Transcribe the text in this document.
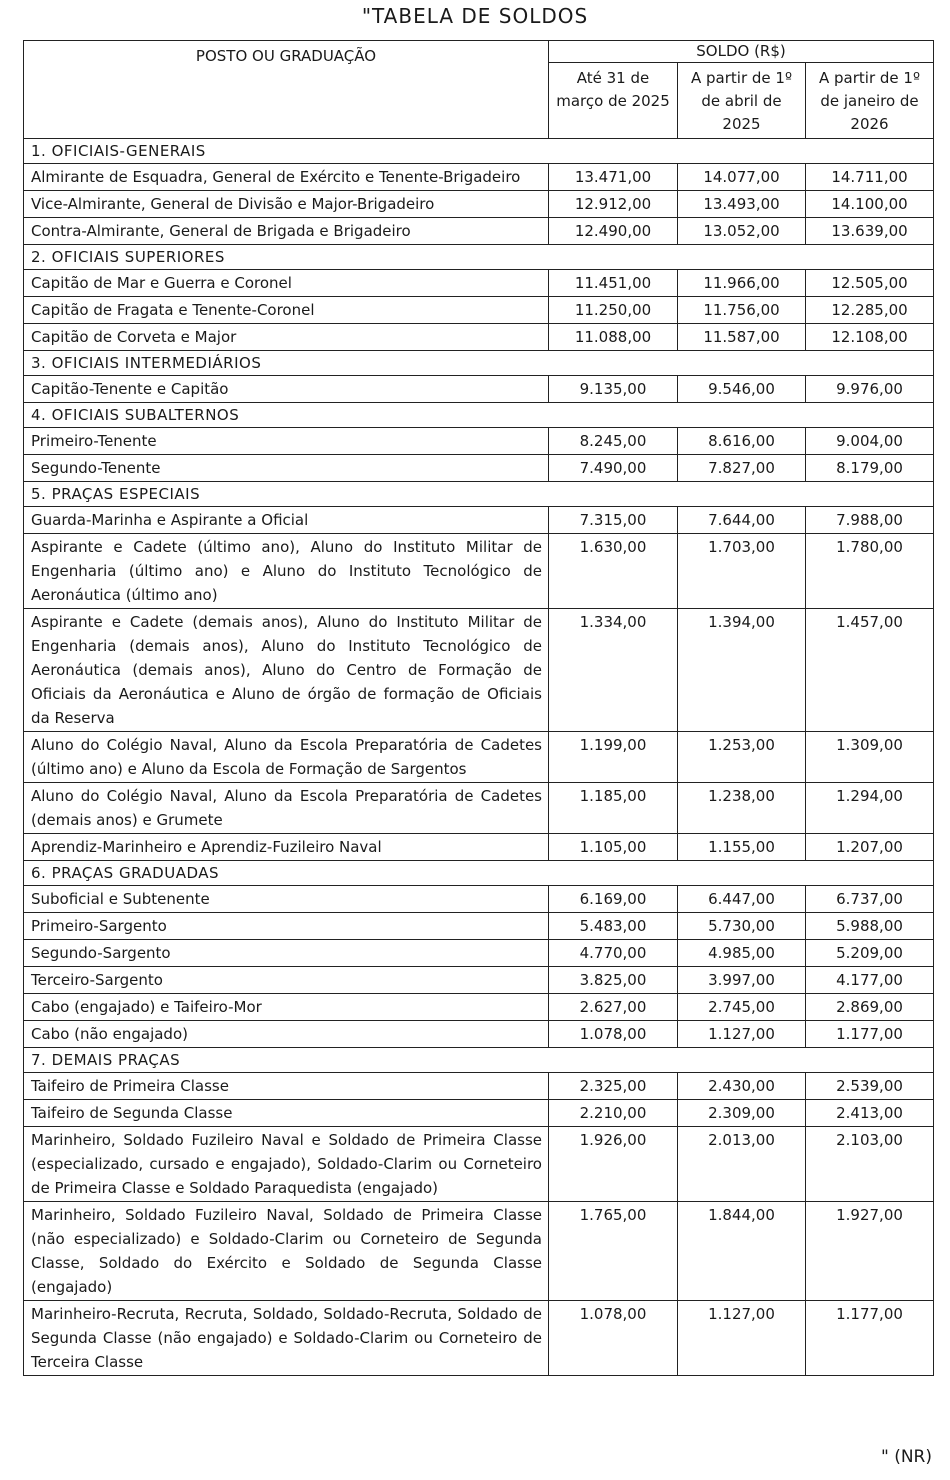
"TABELA DE SOLDOS
POSTO OU GRADUAÇÃO	SOLDO (R$)		
	Até 31 de março de 2025	A partir de 1º de abril de 2025	A partir de 1º de janeiro de 2026
1. OFICIAIS-GENERAIS			
Almirante de Esquadra, General de Exército e Tenente-Brigadeiro	13.471,00	14.077,00	14.711,00
Vice-Almirante, General de Divisão e Major-Brigadeiro	12.912,00	13.493,00	14.100,00
Contra-Almirante, General de Brigada e Brigadeiro	12.490,00	13.052,00	13.639,00
2. OFICIAIS SUPERIORES			
Capitão de Mar e Guerra e Coronel	11.451,00	11.966,00	12.505,00
Capitão de Fragata e Tenente-Coronel	11.250,00	11.756,00	12.285,00
Capitão de Corveta e Major	11.088,00	11.587,00	12.108,00
3. OFICIAIS INTERMEDIÁRIOS			
Capitão-Tenente e Capitão	9.135,00	9.546,00	9.976,00
4. OFICIAIS SUBALTERNOS			
Primeiro-Tenente	8.245,00	8.616,00	9.004,00
Segundo-Tenente	7.490,00	7.827,00	8.179,00
5. PRAÇAS ESPECIAIS			
Guarda-Marinha e Aspirante a Oficial	7.315,00	7.644,00	7.988,00
Aspirante e Cadete (último ano), Aluno do Instituto Militar de Engenharia (último ano) e Aluno do Instituto Tecnológico de Aeronáutica (último ano)	1.630,00	1.703,00	1.780,00
Aspirante e Cadete (demais anos), Aluno do Instituto Militar de Engenharia (demais anos), Aluno do Instituto Tecnológico de Aeronáutica (demais anos), Aluno do Centro de Formação de Oficiais da Aeronáutica e Aluno de órgão de formação de Oficiais da Reserva	1.334,00	1.394,00	1.457,00
Aluno do Colégio Naval, Aluno da Escola Preparatória de Cadetes (último ano) e Aluno da Escola de Formação de Sargentos	1.199,00	1.253,00	1.309,00
Aluno do Colégio Naval, Aluno da Escola Preparatória de Cadetes (demais anos) e Grumete	1.185,00	1.238,00	1.294,00
Aprendiz-Marinheiro e Aprendiz-Fuzileiro Naval	1.105,00	1.155,00	1.207,00
6. PRAÇAS GRADUADAS			
Suboficial e Subtenente	6.169,00	6.447,00	6.737,00
Primeiro-Sargento	5.483,00	5.730,00	5.988,00
Segundo-Sargento	4.770,00	4.985,00	5.209,00
Terceiro-Sargento	3.825,00	3.997,00	4.177,00
Cabo (engajado) e Taifeiro-Mor	2.627,00	2.745,00	2.869,00
Cabo (não engajado)	1.078,00	1.127,00	1.177,00
7. DEMAIS PRAÇAS			
Taifeiro de Primeira Classe	2.325,00	2.430,00	2.539,00
Taifeiro de Segunda Classe	2.210,00	2.309,00	2.413,00
Marinheiro, Soldado Fuzileiro Naval e Soldado de Primeira Classe (especializado, cursado e engajado), Soldado-Clarim ou Corneteiro de Primeira Classe e Soldado Paraquedista (engajado)	1.926,00	2.013,00	2.103,00
Marinheiro, Soldado Fuzileiro Naval, Soldado de Primeira Classe (não especializado) e Soldado-Clarim ou Corneteiro de Segunda Classe, Soldado do Exército e Soldado de Segunda Classe (engajado)	1.765,00	1.844,00	1.927,00
Marinheiro-Recruta, Recruta, Soldado, Soldado-Recruta, Soldado de Segunda Classe (não engajado) e Soldado-Clarim ou Corneteiro de Terceira Classe	1.078,00	1.127,00	1.177,00
" (NR)
